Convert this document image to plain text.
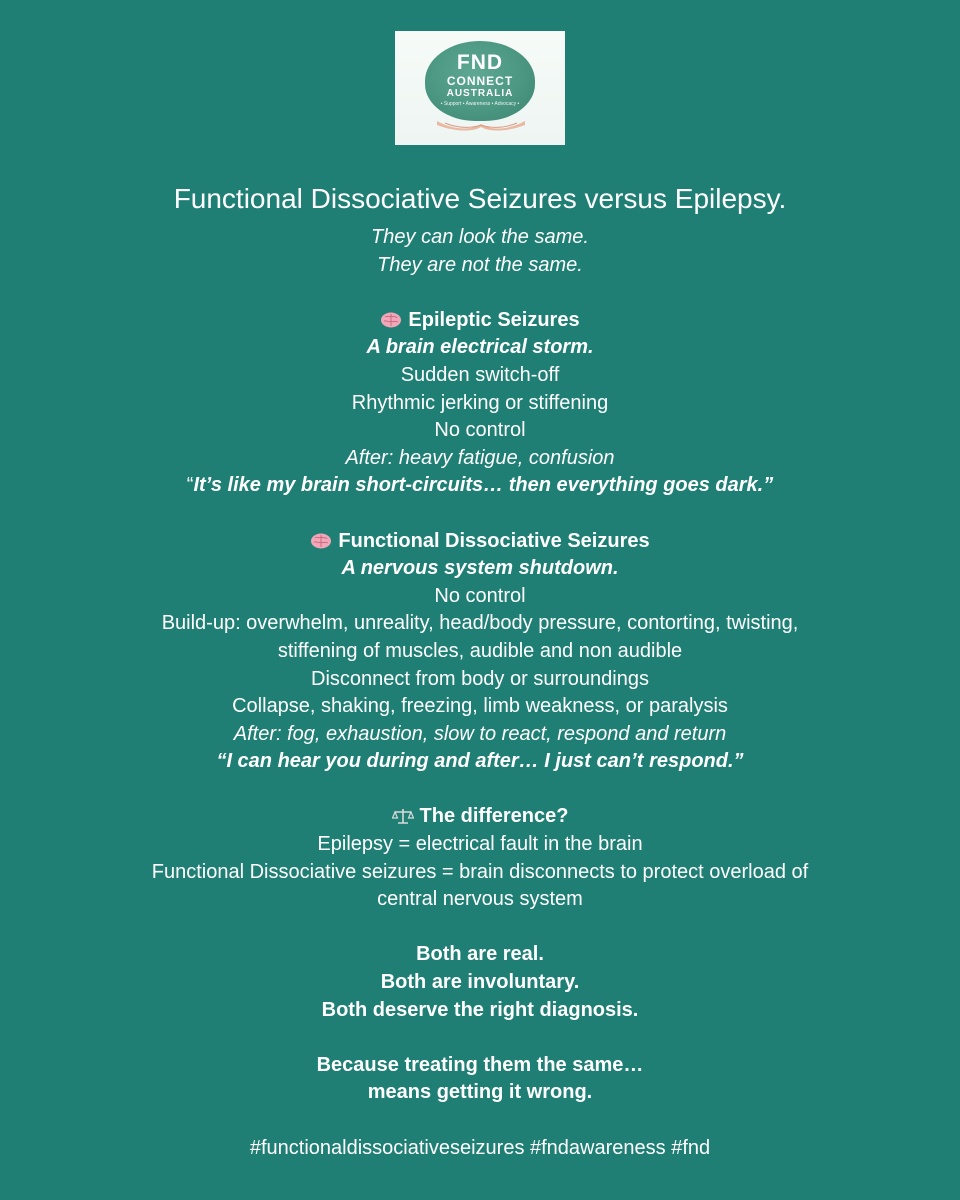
FND
CONNECT
AUSTRALIA
• Support • Awareness • Advocacy •
Functional Dissociative Seizures versus Epilepsy.
They can look the same.
They are not the same.
Epileptic Seizures
A brain electrical storm.
Sudden switch-off
Rhythmic jerking or stiffening
No control
After: heavy fatigue, confusion
“It’s like my brain short-circuits… then everything goes dark.”
Functional Dissociative Seizures
A nervous system shutdown.
No control
Build-up: overwhelm, unreality, head/body pressure, contorting, twisting,
stiffening of muscles, audible and non audible
Disconnect from body or surroundings
Collapse, shaking, freezing, limb weakness, or paralysis
After: fog, exhaustion, slow to react, respond and return
“I can hear you during and after… I just can’t respond.”
The difference?
Epilepsy = electrical fault in the brain
Functional Dissociative seizures = brain disconnects to protect overload of
central nervous system
Both are real.
Both are involuntary.
Both deserve the right diagnosis.
Because treating them the same…
means getting it wrong.
#functionaldissociativeseizures #fndawareness #fnd
